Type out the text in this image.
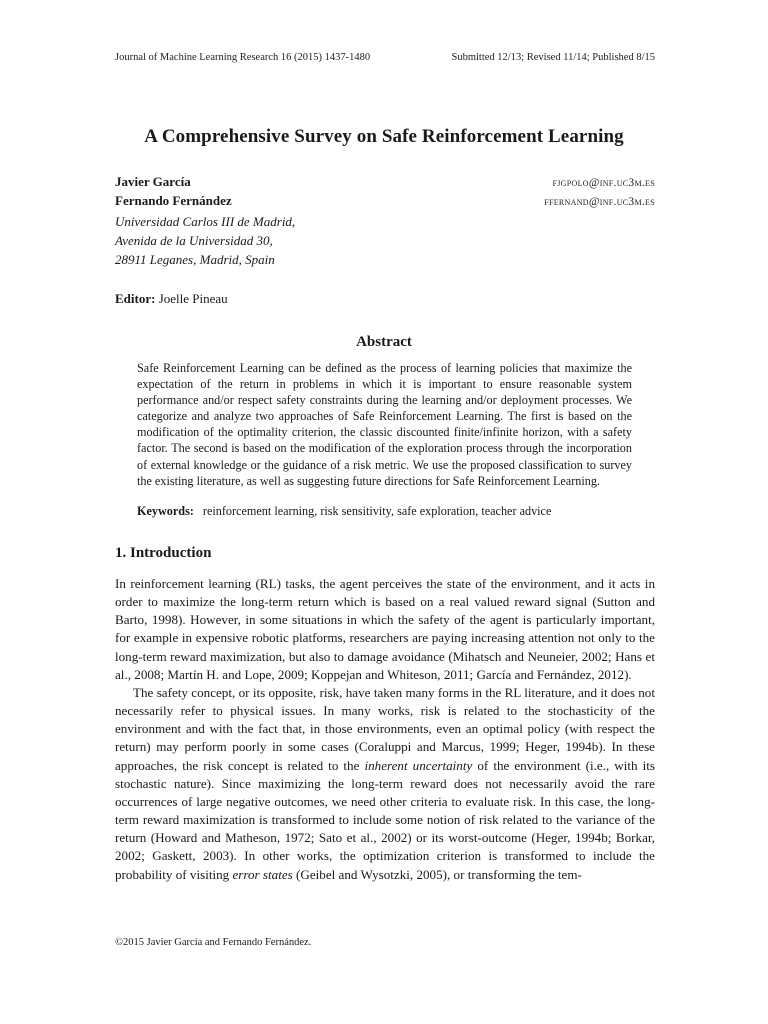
Journal of Machine Learning Research 16 (2015) 1437-1480	Submitted 12/13; Revised 11/14; Published 8/15
A Comprehensive Survey on Safe Reinforcement Learning
Javier García	fjgpolo@inf.uc3m.es
Fernando Fernández	ffernand@inf.uc3m.es
Universidad Carlos III de Madrid,
Avenida de la Universidad 30,
28911 Leganes, Madrid, Spain
Editor: Joelle Pineau
Abstract
Safe Reinforcement Learning can be defined as the process of learning policies that maximize the expectation of the return in problems in which it is important to ensure reasonable system performance and/or respect safety constraints during the learning and/or deployment processes. We categorize and analyze two approaches of Safe Reinforcement Learning. The first is based on the modification of the optimality criterion, the classic discounted finite/infinite horizon, with a safety factor. The second is based on the modification of the exploration process through the incorporation of external knowledge or the guidance of a risk metric. We use the proposed classification to survey the existing literature, as well as suggesting future directions for Safe Reinforcement Learning.
Keywords: reinforcement learning, risk sensitivity, safe exploration, teacher advice
1. Introduction

In reinforcement learning (RL) tasks, the agent perceives the state of the environment, and it acts in order to maximize the long-term return which is based on a real valued reward signal (Sutton and Barto, 1998). However, in some situations in which the safety of the agent is particularly important, for example in expensive robotic platforms, researchers are paying increasing attention not only to the long-term reward maximization, but also to damage avoidance (Mihatsch and Neuneier, 2002; Hans et al., 2008; Martín H. and Lope, 2009; Koppejan and Whiteson, 2011; García and Fernández, 2012).

The safety concept, or its opposite, risk, have taken many forms in the RL literature, and it does not necessarily refer to physical issues. In many works, risk is related to the stochasticity of the environment and with the fact that, in those environments, even an optimal policy (with respect the return) may perform poorly in some cases (Coraluppi and Marcus, 1999; Heger, 1994b). In these approaches, the risk concept is related to the inherent uncertainty of the environment (i.e., with its stochastic nature). Since maximizing the long-term reward does not necessarily avoid the rare occurrences of large negative outcomes, we need other criteria to evaluate risk. In this case, the long-term reward maximization is transformed to include some notion of risk related to the variance of the return (Howard and Matheson, 1972; Sato et al., 2002) or its worst-outcome (Heger, 1994b; Borkar, 2002; Gaskett, 2003). In other works, the optimization criterion is transformed to include the probability of visiting error states (Geibel and Wysotzki, 2005), or transforming the tem-

©2015 Javier García and Fernando Fernández.
